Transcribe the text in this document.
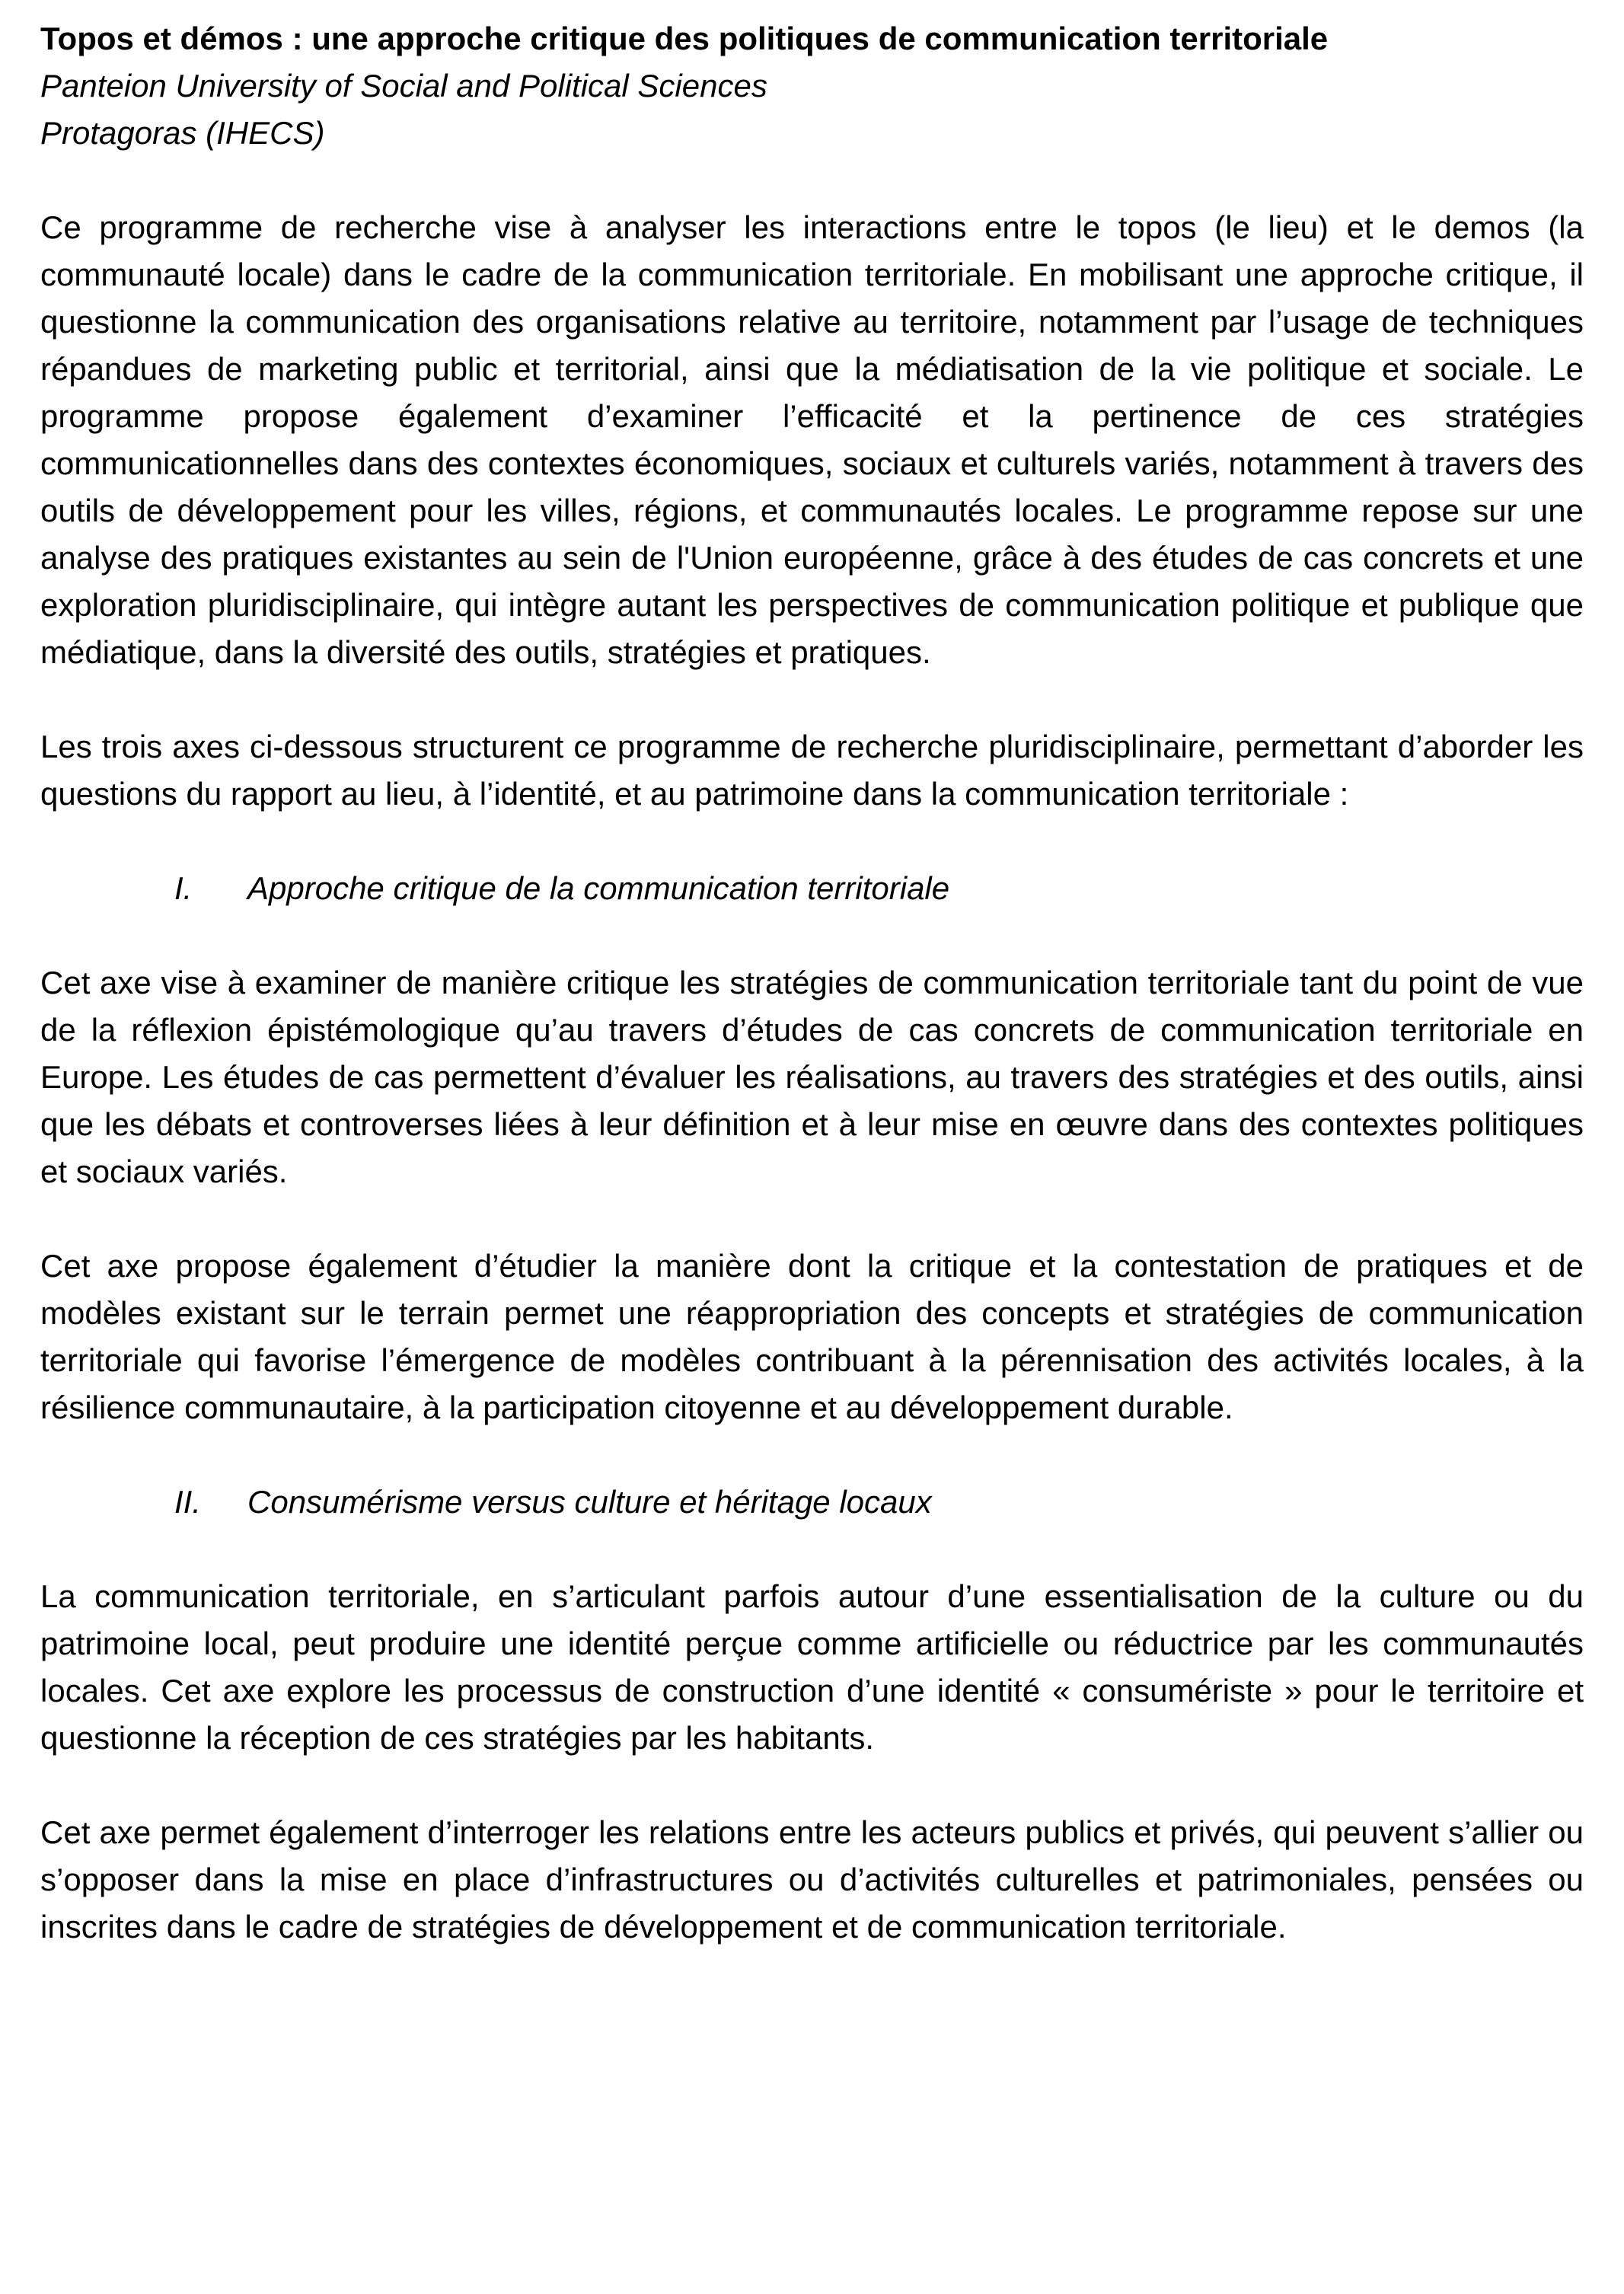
Topos et démos : une approche critique des politiques de communication territoriale

Panteion University of Social and Political Sciences

Protagoras (IHECS)

Ce programme de recherche vise à analyser les interactions entre le topos (le lieu) et le demos (la communauté locale) dans le cadre de la communication territoriale. En mobilisant une approche critique, il questionne la communication des organisations relative au territoire, notamment par l’usage de techniques répandues de marketing public et territorial, ainsi que la médiatisation de la vie politique et sociale. Le programme propose également d’examiner l’efficacité et la pertinence de ces stratégies communicationnelles dans des contextes économiques, sociaux et culturels variés, notamment à travers des outils de développement pour les villes, régions, et communautés locales. Le programme repose sur une analyse des pratiques existantes au sein de l'Union européenne, grâce à des études de cas concrets et une exploration pluridisciplinaire, qui intègre autant les perspectives de communication politique et publique que médiatique, dans la diversité des outils, stratégies et pratiques.

Les trois axes ci-dessous structurent ce programme de recherche pluridisciplinaire, permettant d’aborder les questions du rapport au lieu, à l’identité, et au patrimoine dans la communication territoriale :

I.	Approche critique de la communication territoriale

Cet axe vise à examiner de manière critique les stratégies de communication territoriale tant du point de vue de la réflexion épistémologique qu’au travers d’études de cas concrets de communication territoriale en Europe. Les études de cas permettent d’évaluer les réalisations, au travers des stratégies et des outils, ainsi que les débats et controverses liées à leur définition et à leur mise en œuvre dans des contextes politiques et sociaux variés.

Cet axe propose également d’étudier la manière dont la critique et la contestation de pratiques et de modèles existant sur le terrain permet une réappropriation des concepts et stratégies de communication territoriale qui favorise l’émergence de modèles contribuant à la pérennisation des activités locales, à la résilience communautaire, à la participation citoyenne et au développement durable.

II.	Consumérisme versus culture et héritage locaux

La communication territoriale, en s’articulant parfois autour d’une essentialisation de la culture ou du patrimoine local, peut produire une identité perçue comme artificielle ou réductrice par les communautés locales. Cet axe explore les processus de construction d’une identité « consumériste » pour le territoire et questionne la réception de ces stratégies par les habitants.

Cet axe permet également d’interroger les relations entre les acteurs publics et privés, qui peuvent s’allier ou s’opposer dans la mise en place d’infrastructures ou d’activités culturelles et patrimoniales, pensées ou inscrites dans le cadre de stratégies de développement et de communication territoriale.
